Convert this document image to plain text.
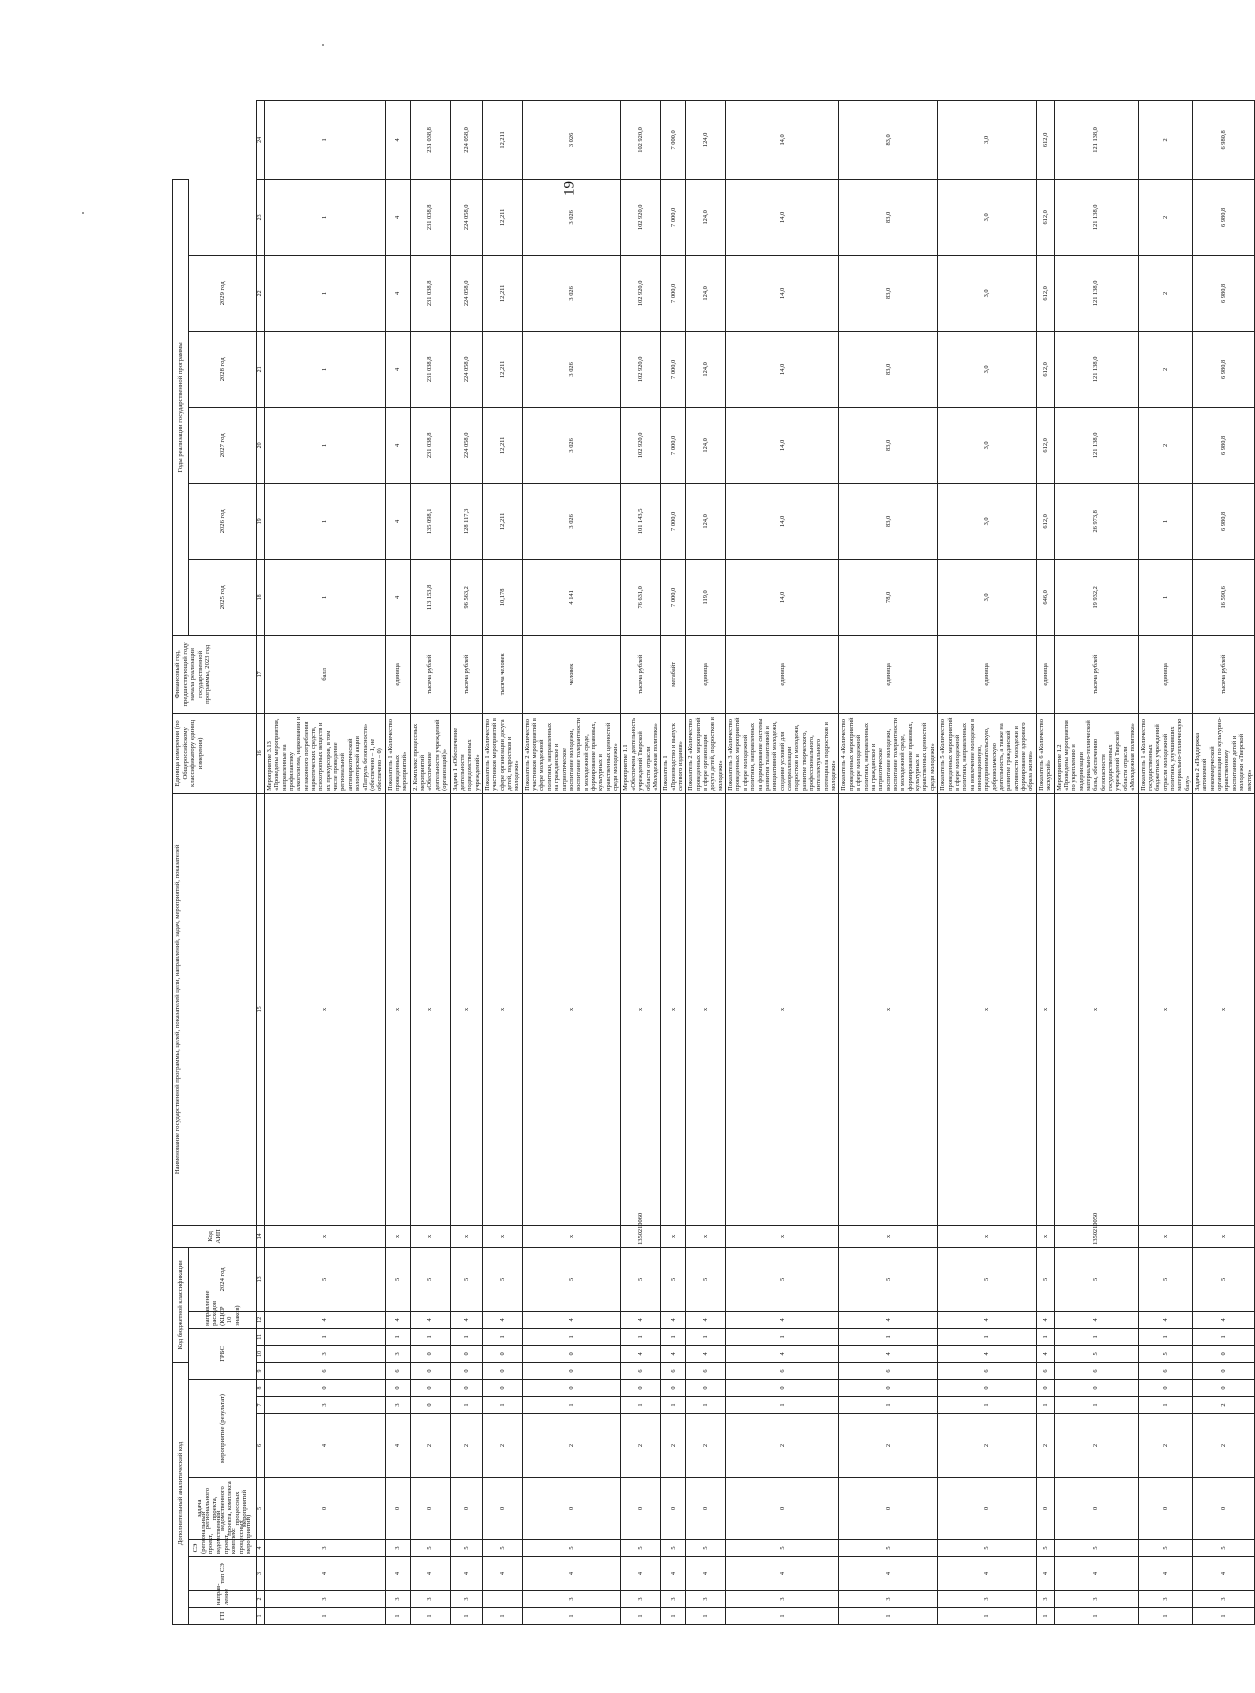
19
Дополнительный аналитический код									Код бюджетной классификации				Код АИП	Наименование государственной программы, целей, показателей цели, направлений, задач, мероприятий, показателей	Единица измерения (по Общероссийскому классификатору единиц измерения)	Финансовый год, предшествующий году начала реализации государственной программы, 2023 год	Годы реализации государственной программы						
ГП	направ-ление	тип СЭ	СЭ (региональный проект, ведомственный проект, комплекс процессных мероприятий)	задача регионального проекта, ведомственного проекта, комплекса процессных мероприятий	мероприятие (результат)			ГРБС			направление расходов (КЦСР 10 знаков)	2024 год					2025 год	2026 год	2027 год	2028 год	2029 год		
1	2	3	4	5	6	7	8	9	10	11	12	13	14	15	16	17	18	19	20	21	22	23	24
1	3	4	3	0	4	3	0	6	3	1	4	5	x	x	Мероприятие 3.13 «Проведены мероприятия, направленные на профилактику алкоголизма, наркомании и незаконного потребления наркотических средств, психотропных веществ и их прекурсоров, в том числе проведение региональной антинаркотической волонтерской акции «Патруль безопасности» (обеспечено – 1, не обеспечено – 0)	балл	1	1	1	1	1	1	1
1	3	4	3	0	4	3	0	6	3	1	4	5	x	x	Показатель 1 «Количество проведенных мероприятий»	единица	4	4	4	4	4	4	4
1	3	4	5	0	2	0	0	0	0	1	4	5	x	x	2. Комплекс процессных мероприятий «Обеспечение деятельности учреждений (организаций)»	тысяча рублей	113 153,8	135 098,1	231 038,8	231 038,8	231 038,8	231 038,8	231 038,8
1	3	4	5	0	2	1	0	0	0	1	4	5	x	x	Задача 1 «Обеспечение деятельности подведомственных учреждений»	тысяча рублей	96 563,2	128 117,3	224 058,0	224 058,0	224 058,0	224 058,0	224 058,0
1		4	5	0	2	1	0	0	0	1	4	5	x	x	Показатель 1 «Количество участников мероприятий в сфере организации досуга детей, подростков и молодежи»	тысяча человек	10,178	12,211	12,211	12,211	12,211	12,211	12,211
1	3	4	5	0	2	1	0	0	0	1	4	5	x	x	Показатель 2 «Количество участников мероприятий в сфере молодежной политики, направленных на гражданское и патриотическое воспитание молодежи, воспитание толерантности в молодежной среде, формирование правовых, культурных и нравственных ценностей среди молодежи»	человек	4 141	3 026	3 026	3 026	3 026	3 026	3 026
1	3	4	5	0	2	1	0	6	4	1	4	5	1350210060	x	Мероприятие 1.1 «Обеспечена деятельность учреждений Тверской области отрасли «Молодежная политика»	тысяча рублей	76 631,0	101 143,5	102 920,0	102 920,0	102 920,0	102 920,0	102 920,0
1	3	4	5	0	2	1	0	6	4	1	4	5	x	x	Показатель 1 «Производство и выпуск сетевого издания»	мегабайт	7 000,0	7 000,0	7 000,0	7 000,0	7 000,0	7 000,0	7 000,0
1	3	4	5	0	2	1	0	6	4	1	4	5	x	x	Показатель 2 «Количество проведенных мероприятий в сфере организации досуга детей, подростков и молодежи»	единица	119,0	124,0	124,0	124,0	124,0	124,0	124,0
1	3	4	5	0	2	1	0	6	4	1	4	5	x	x	Показатель 3 «Количество проведенных мероприятий в сфере молодежной политики, направленных на формирование системы развития талантливой и инициативной молодежи, создание условий для самореализации подростков и молодежи, развитие творческого, профессионального, интеллектуального потенциала подростков и молодежи»	единица	14,0	14,0	14,0	14,0	14,0	14,0	14,0
1	3	4	5	0	2	1	0	6	4	1	4	5	x	x	Показатель 4 «Количество проведенных мероприятий в сфере молодежной политики, направленных на гражданское и патриотическое воспитание молодежи, воспитание толерантности в молодежной среде, формирование правовых, культурных и нравственных ценностей среди молодежи»	единица	78,0	83,0	83,0	83,0	83,0	83,0	83,0
1	3	4	5	0	2	1	0	6	4	1	4	5	x	x	Показатель 5 «Количество проведенных мероприятий в сфере молодежной политики, направленных на вовлечение молодежи в инновационную, предпринимательскую, добровольческую деятельность, а также на развитие гражданской активности молодежи и формирование здорового образа жизни»	единица	3,0	3,0	3,0	3,0	3,0	3,0	3,0
1	3	4	5	0	2	1	0	6	4	1	4	5	x	x	Показатель 6 «Количество экскурсий»	единица	646,0	612,0	612,0	612,0	612,0	612,0	612,0
1	3	4	5	0	2	1	0	6	5	1	4	5	1350210050	x	Мероприятие 1.2 «Проведены мероприятия по укреплению и модернизации материально-технической базы, обеспечению безопасности государственных учреждений Тверской области отрасли «Молодежная политика»	тысяча рублей	19 932,2	26 973,8	121 138,0	121 138,0	121 138,0	121 138,0	121 138,0
1	3	4	5	0	2	1	0	6	5	1	4	5	x	x	Показатель 1 «Количество государственных бюджетных учреждений отрасли молодежной политики, улучшивших материально-техническую базу»	единица	1	1	2	2	2	2	2
1	3	4	5	0	2	2	0	0	0	1	4	5	x	x	Задача 2 «Поддержка автономной некоммерческой организации по культурно-нравственному воспитанию детей и молодежи «Тверской вектор»	тысяча рублей	16 590,6	6 980,8	6 980,8	6 980,8	6 980,8	6 980,8	6 980,8
